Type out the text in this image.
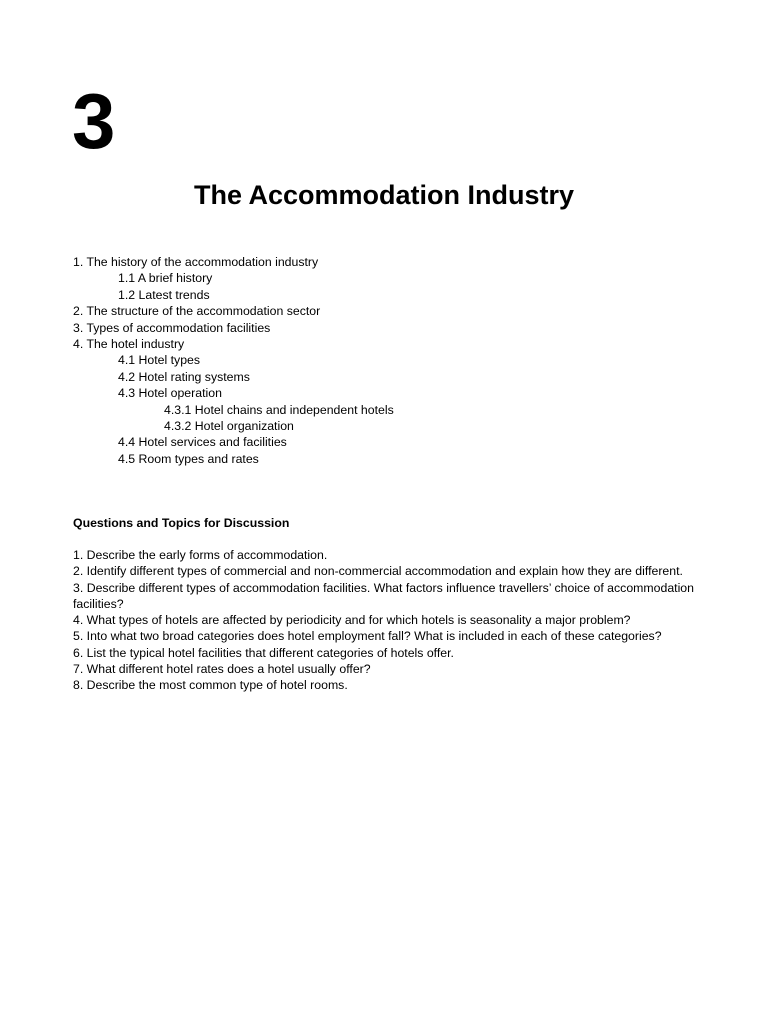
3
The Accommodation Industry
1. The history of the accommodation industry
1.1 A brief history
1.2 Latest trends
2. The structure of the accommodation sector
3. Types of accommodation facilities
4. The hotel industry
4.1 Hotel types
4.2 Hotel rating systems
4.3 Hotel operation
4.3.1 Hotel chains and independent hotels
4.3.2 Hotel organization
4.4 Hotel services and facilities
4.5 Room types and rates
Questions and Topics for Discussion
1. Describe the early forms of accommodation.
2. Identify different types of commercial and non-commercial accommodation and explain how they are different.
3. Describe different types of accommodation facilities. What factors influence travellers’ choice of accommodation facilities?
4. What types of hotels are affected by periodicity and for which hotels is seasonality a major problem?
5. Into what two broad categories does hotel employment fall? What is included in each of these categories?
6. List the typical hotel facilities that different categories of hotels offer.
7. What different hotel rates does a hotel usually offer?
8. Describe the most common type of hotel rooms.
